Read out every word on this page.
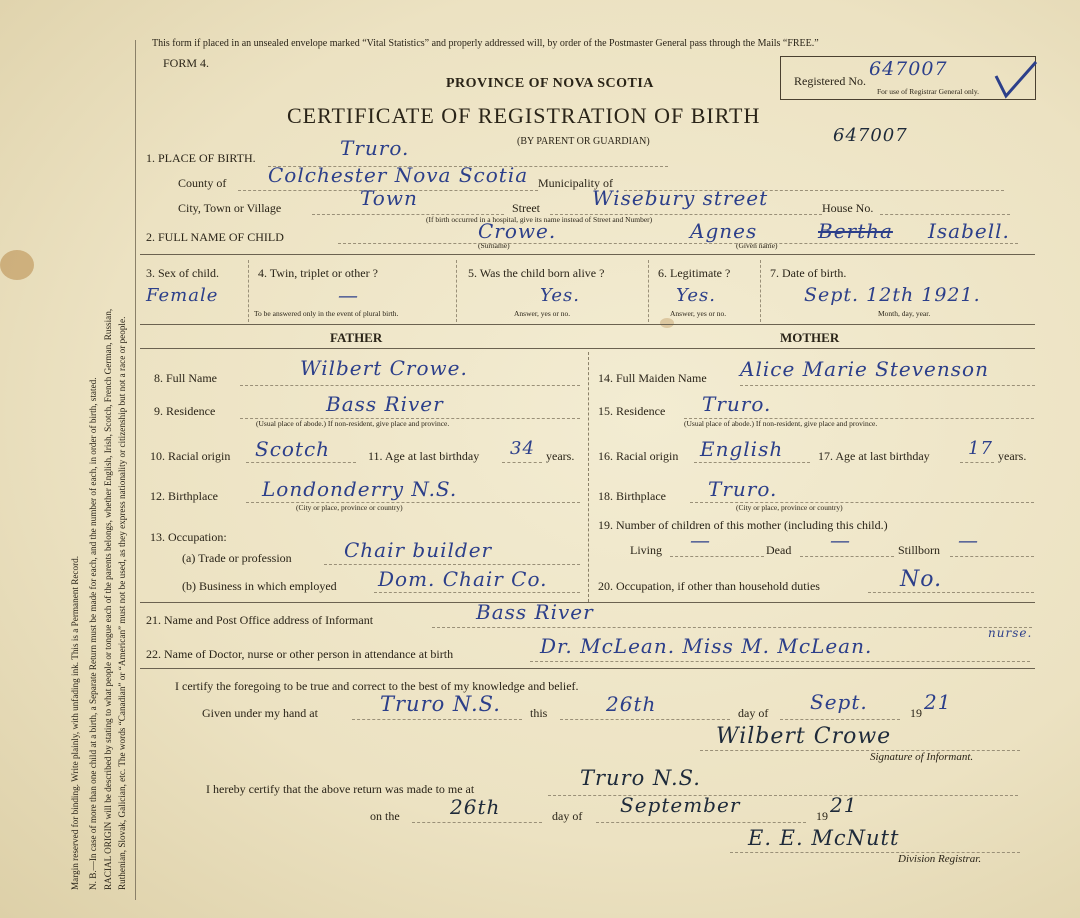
Margin reserved for binding. Write plainly, with unfading ink. This is a Permanent Record. N. B.—In case of more than one child at a birth, a Separate Return must be made for each, and the number of each, in order of birth, stated. RACIAL ORIGIN will be described by stating to what people or tongue each of the parents belongs, whether English, Irish, Scotch, French German, Russian, Ruthenian, Slovak, Galician, etc. The words “Canadian” or “American” must not be used, as they express nationality or citizenship but not a race or people.
This form if placed in an unsealed envelope marked “Vital Statistics” and properly addressed will, by order of the Postmaster General pass through the Mails “FREE.”
FORM 4.
PROVINCE OF NOVA SCOTIA
CERTIFICATE OF REGISTRATION OF BIRTH
(BY PARENT OR GUARDIAN)
Registered No.
647007
For use of Registrar General only.
647007
1. PLACE OF BIRTH.	Truro.
County of Colchester Nova Scotia Municipality of
City, Town or Village	Town	Street	Wisebury street	House No.
(If birth occurred in a hospital, give its name instead of Street and Number)
2. FULL NAME OF CHILD	Crowe.
(Surname)
Agnes	Bertha Isabell.
(Given name)
3. Sex of child.
Female
4. Twin, triplet or other ?
—
To be answered only in the event of plural birth.
5. Was the child born alive ?
Yes.
Answer, yes or no.
6. Legitimate ?
Yes.
Answer, yes or no.
7. Date of birth.
Sept. 12th 1921.
Month, day, year.
FATHER	MOTHER
8. Full Name	Wilbert Crowe.
9. Residence	Bass River
(Usual place of abode.) If non-resident, give place and province.
10. Racial origin Scotch	11. Age at last birthday 34 years.
12. Birthplace Londonderry N.S.
(City or place, province or country)
13. Occupation:
(a) Trade or profession	Chair builder
(b) Business in which employed Dom. Chair Co.
14. Full Maiden Name Alice Marie Stevenson
15. Residence Truro.
(Usual place of abode.) If non-resident, give place and province.
16. Racial origin English	17. Age at last birthday 17 years.
18. Birthplace Truro.
(City or place, province or country)
19. Number of children of this mother (including this child.)
Living —	Dead —	Stillborn —
20. Occupation, if other than household duties	No.
21. Name and Post Office address of Informant	Bass River
22. Name of Doctor, nurse or other person in attendance at birth	Dr. McLean. Miss M. McLean.
nurse.
I certify the foregoing to be true and correct to the best of my knowledge and belief.
Given under my hand at	Truro N.S. this	26th	day of Sept.	19 21
Wilbert Crowe
Signature of Informant.
I hereby certify that the above return was made to me at	Truro N.S.
on the	26th	day of September	19 21
E. E. McNutt
Division Registrar.
